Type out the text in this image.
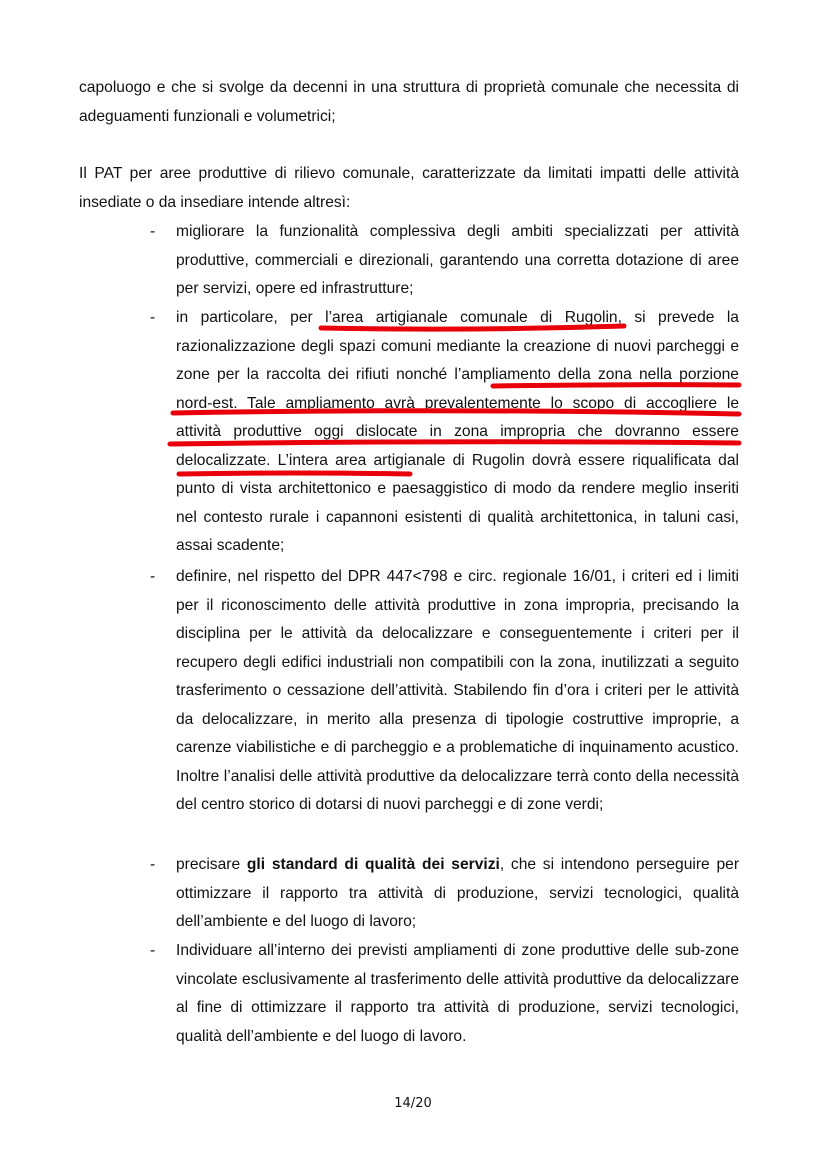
capoluogo e che si svolge da decenni in una struttura di proprietà comunale che necessita di adeguamenti funzionali e volumetrici;

Il PAT per aree produttive di rilievo comunale, caratterizzate da limitati impatti delle attività insediate o da insediare intende altresì:

- migliorare la funzionalità complessiva degli ambiti specializzati per attività produttive, commerciali e direzionali, garantendo una corretta dotazione di aree per servizi, opere ed infrastrutture;

- in particolare, per l’area artigianale comunale di Rugolin, si prevede la razionalizzazione degli spazi comuni mediante la creazione di nuovi parcheggi e zone per la raccolta dei rifiuti nonché l’ampliamento della zona nella porzione nord-est. Tale ampliamento avrà prevalentemente lo scopo di accogliere le attività produttive oggi dislocate in zona impropria che dovranno essere delocalizzate. L’intera area artigianale di Rugolin dovrà essere riqualificata dal punto di vista architettonico e paesaggistico di modo da rendere meglio inseriti nel contesto rurale i capannoni esistenti di qualità architettonica, in taluni casi, assai scadente;

- definire, nel rispetto del DPR 447<798 e circ. regionale 16/01, i criteri ed i limiti per il riconoscimento delle attività produttive in zona impropria, precisando la disciplina per le attività da delocalizzare e conseguentemente i criteri per il recupero degli edifici industriali non compatibili con la zona, inutilizzati a seguito trasferimento o cessazione dell’attività. Stabilendo fin d’ora i criteri per le attività da delocalizzare, in merito alla presenza di tipologie costruttive improprie, a carenze viabilistiche e di parcheggio e a problematiche di inquinamento acustico. Inoltre l’analisi delle attività produttive da delocalizzare terrà conto della necessità del centro storico di dotarsi di nuovi parcheggi e di zone verdi;

- precisare gli standard di qualità dei servizi, che si intendono perseguire per ottimizzare il rapporto tra attività di produzione, servizi tecnologici, qualità dell’ambiente e del luogo di lavoro;

- Individuare all’interno dei previsti ampliamenti di zone produttive delle sub-zone vincolate esclusivamente al trasferimento delle attività produttive da delocalizzare al fine di ottimizzare il rapporto tra attività di produzione, servizi tecnologici, qualità dell’ambiente e del luogo di lavoro.

14/20
